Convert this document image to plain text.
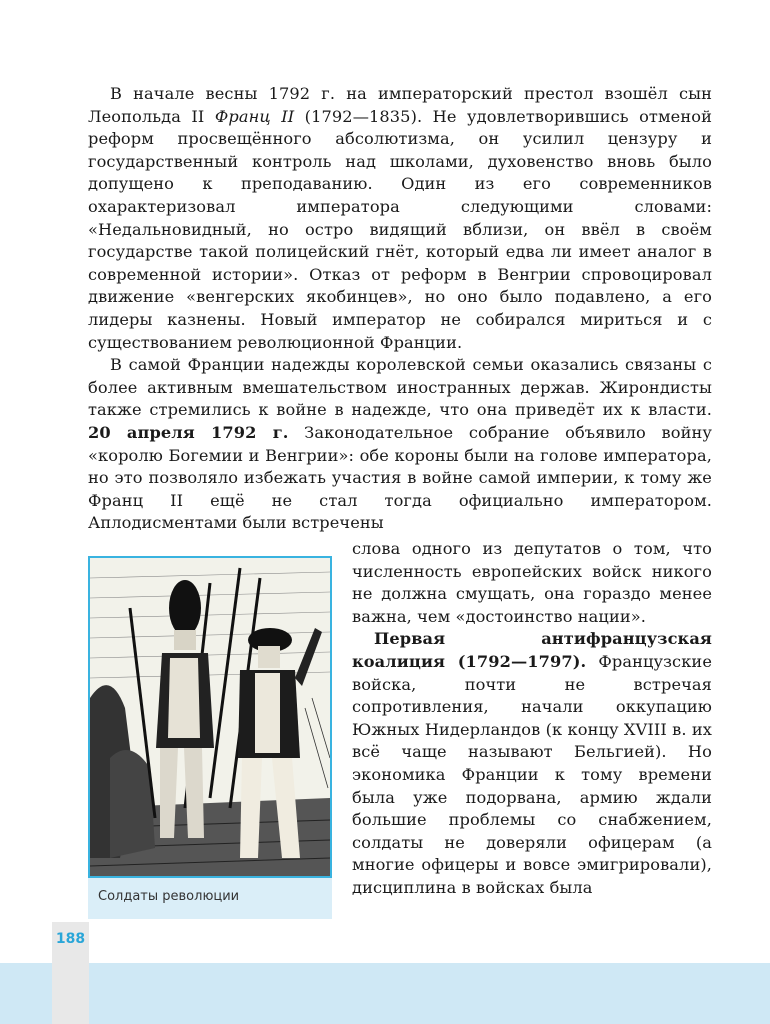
188

В начале весны 1792 г. на императорский престол взошёл сын Леопольда II Франц II (1792—1835). Не удовлетворившись отменой реформ просвещённого абсолютизма, он усилил цензуру и государственный контроль над школами, духовенство вновь было допущено к преподаванию. Один из его современников охарактеризовал императора следующими словами: «Недальновидный, но остро видящий вблизи, он ввёл в своём государстве такой полицейский гнёт, который едва ли имеет аналог в современной истории». Отказ от реформ в Венгрии спровоцировал движение «венгерских якобинцев», но оно было подавлено, а его лидеры казнены. Новый император не собирался мириться и с существованием революционной Франции.

В самой Франции надежды королевской семьи оказались связаны с более активным вмешательством иностранных держав. Жирондисты также стремились к войне в надежде, что она приведёт их к власти. 20 апреля 1792 г. Законодательное собрание объявило войну «королю Богемии и Венгрии»: обе короны были на голове императора, но это позволяло избежать участия в войне самой империи, к тому же Франц II ещё не стал тогда официально императором. Аплодисментами были встречены

Солдаты революции

слова одного из депутатов о том, что численность европейских войск никого не должна смущать, она гораздо менее важна, чем «достоинство нации».

Первая антифранцузская коалиция (1792—1797). Французские войска, почти не встречая сопротивления, начали оккупацию Южных Нидерландов (к концу XVIII в. их всё чаще называют Бельгией). Но экономика Франции к тому времени была уже подорвана, армию ждали большие проблемы со снабжением, солдаты не доверяли офицерам (а многие офицеры и вовсе эмигрировали), дисциплина в войсках была
